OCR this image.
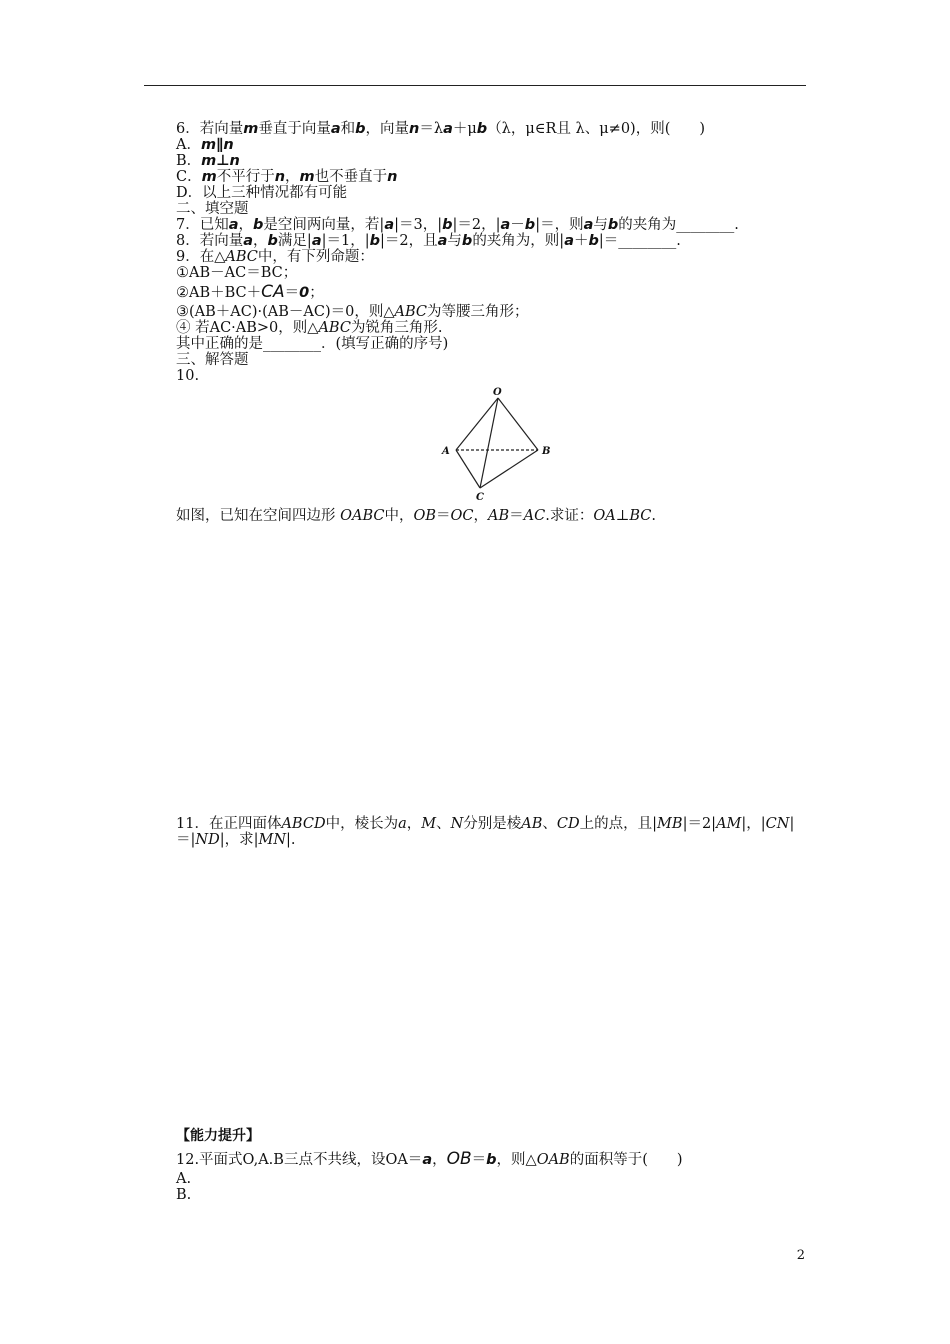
6．若向量m垂直于向量a和b，向量n＝λa＋μb（λ，μ∈R且 λ、μ≠0)，则(　　)
A．m∥n
B．m⊥n
C．m不平行于n，m也不垂直于n
D．以上三种情况都有可能
二、填空题
7．已知a，b是空间两向量，若|a|＝3，|b|＝2，|a－b|＝，则a与b的夹角为________.
8．若向量a，b满足|a|＝1，|b|＝2，且a与b的夹角为，则|a＋b|＝________.
9．在△ABC中，有下列命题：
①AB－AC＝BC；
②AB＋BC＋CA＝0；
③(AB＋AC)·(AB－AC)＝0，则△ABC为等腰三角形；
④ 若AC·AB>0，则△ABC为锐角三角形.
其中正确的是________．(填写正确的序号)
三、解答题
10.
O
A	B
C
如图，已知在空间四边形 OABC中，OB＝OC，AB＝AC.求证：OA⊥BC.
11．在正四面体ABCD中，棱长为a，M、N分别是棱AB、CD上的点，且|MB|＝2|AM|，|CN|
＝|ND|，求|MN|.
【能力提升】
12.平面式O,A.B三点不共线，设OA＝a，OB＝b，则△OAB的面积等于(　　)
A.
B.
2
